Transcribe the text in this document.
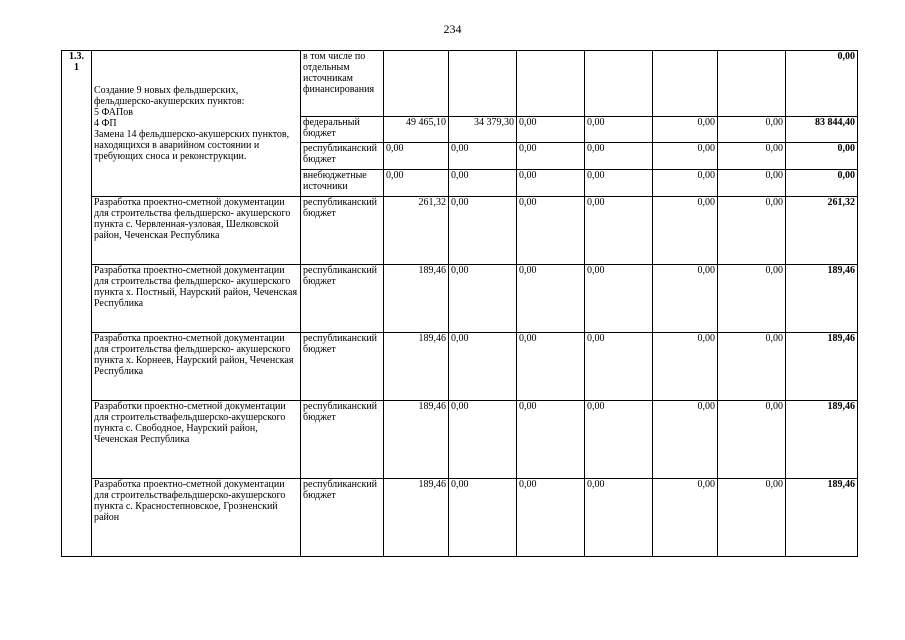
234
1.3.
1	Создание 9 новых фельдшерских, фельдшерско-акушерских пунктов:
5 ФАПов
4 ФП
Замена 14 фельдшерско-акушерских пунктов, находящихся в аварийном состоянии и требующих сноса и реконструкции.	в том числе по отдельным источникам финансирования							0,00
		федеральный бюджет	49 465,10	34 379,30	0,00	0,00	0,00	0,00	83 844,40
		республиканский бюджет	0,00	0,00	0,00	0,00	0,00	0,00	0,00
		внебюджетные источники	0,00	0,00	0,00	0,00	0,00	0,00	0,00
	Разработка проектно-сметной документации для строительства фельдшерско- акушерского пункта с. Червленная-узловая, Шелковской район, Чеченская Республика	республиканский бюджет	261,32	0,00	0,00	0,00	0,00	0,00	261,32
	Разработка проектно-сметной документации для строительства фельдшерско- акушерского пункта х. Постный, Наурский район, Чеченская Республика	республиканский бюджет	189,46	0,00	0,00	0,00	0,00	0,00	189,46
	Разработка проектно-сметной документации для строительства фельдшерско- акушерского пункта х. Корнеев, Наурский район, Чеченская Республика	республиканский бюджет	189,46	0,00	0,00	0,00	0,00	0,00	189,46
	Разработки проектно-сметной документации для строительствафельдшерско-акушерского пункта с. Свободное, Наурский район, Чеченская Республика	республиканский бюджет	189,46	0,00	0,00	0,00	0,00	0,00	189,46
	Разработка проектно-сметной документации для строительствафельдшерско-акушерского пункта с. Красностепновское, Грозненский район	республиканский бюджет	189,46	0,00	0,00	0,00	0,00	0,00	189,46
